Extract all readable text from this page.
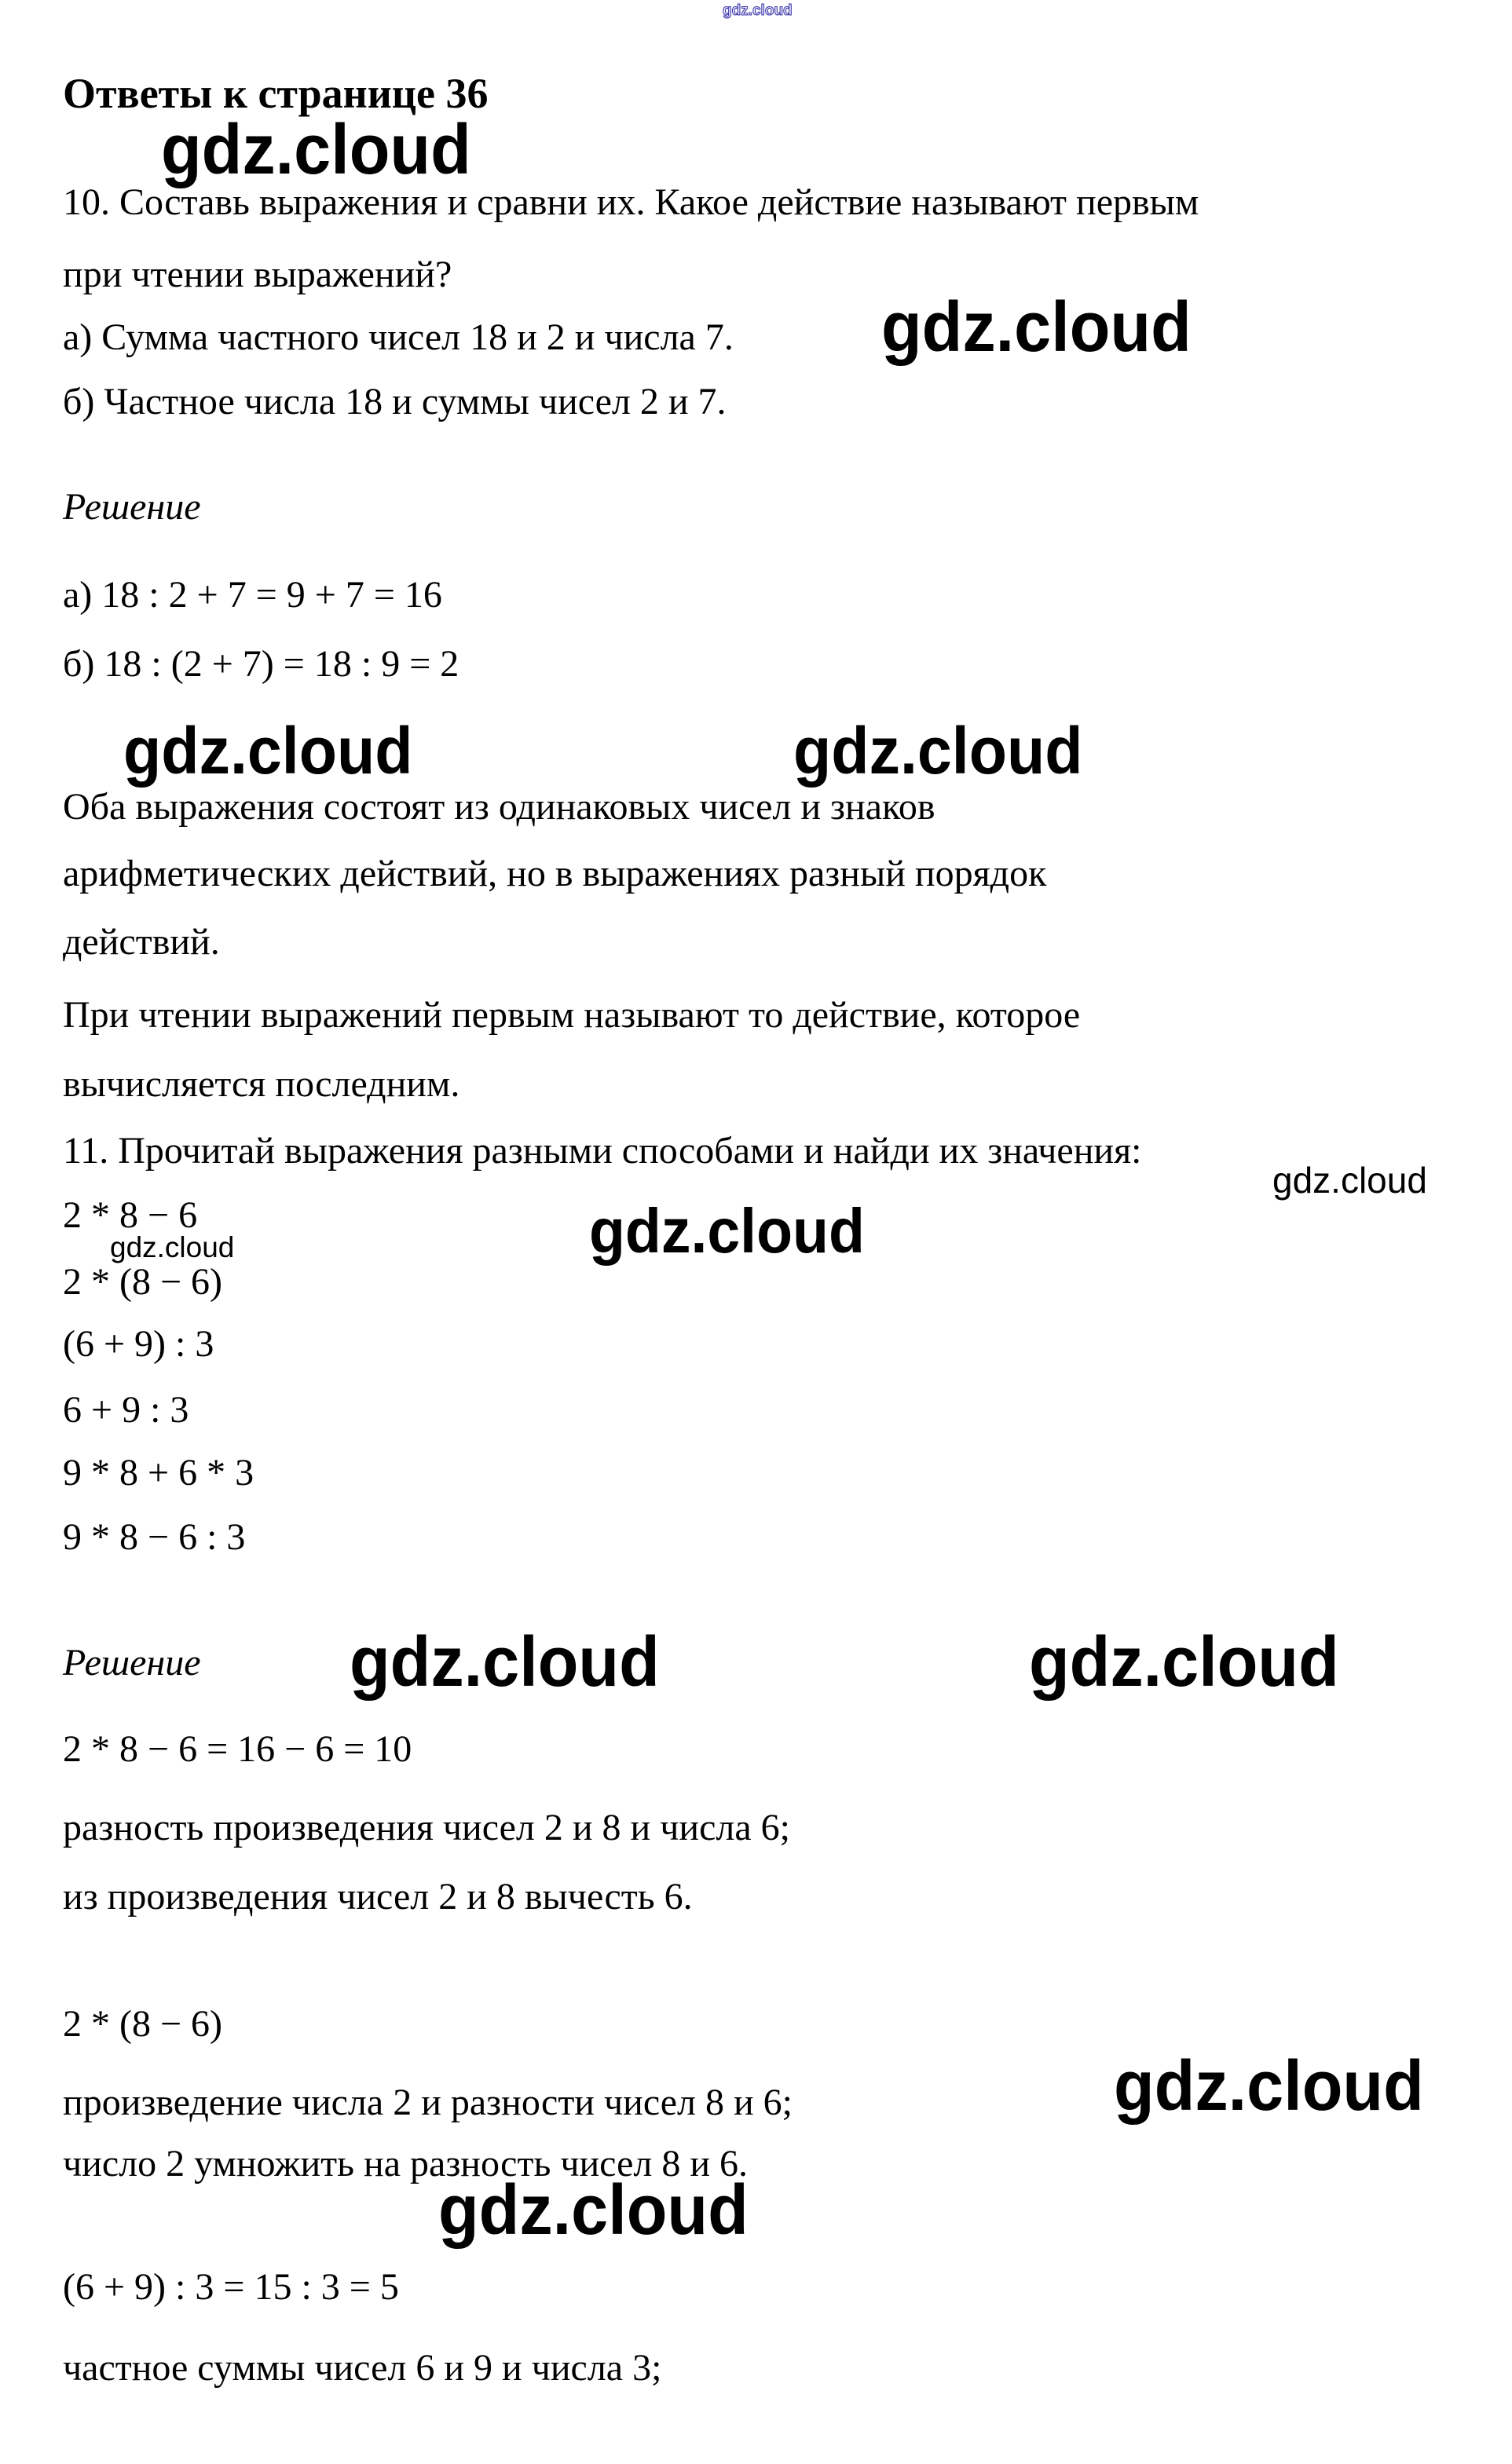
gdz.cloud
gdz.cloud
gdz.cloud
gdz.cloud	gdz.cloud
gdz.cloud
gdz.cloud	gdz.cloud
gdz.cloud	gdz.cloud
gdz.cloud
gdz.cloud
Ответы к странице 36
10. Составь выражения и сравни их. Какое действие называют первым
при чтении выражений?
а) Сумма частного чисел 18 и 2 и числа 7.
б) Частное числа 18 и суммы чисел 2 и 7.
Решение
а) 18 : 2 + 7 = 9 + 7 = 16
б) 18 : (2 + 7) = 18 : 9 = 2
Оба выражения состоят из одинаковых чисел и знаков
арифметических действий, но в выражениях разный порядок
действий.
При чтении выражений первым называют то действие, которое
вычисляется последним.
11. Прочитай выражения разными способами и найди их значения:
2 * 8 − 6
2 * (8 − 6)
(6 + 9) : 3
6 + 9 : 3
9 * 8 + 6 * 3
9 * 8 − 6 : 3
Решение
2 * 8 − 6 = 16 − 6 = 10
разность произведения чисел 2 и 8 и числа 6;
из произведения чисел 2 и 8 вычесть 6.
2 * (8 − 6)
произведение числа 2 и разности чисел 8 и 6;
число 2 умножить на разность чисел 8 и 6.
(6 + 9) : 3 = 15 : 3 = 5
частное суммы чисел 6 и 9 и числа 3;
